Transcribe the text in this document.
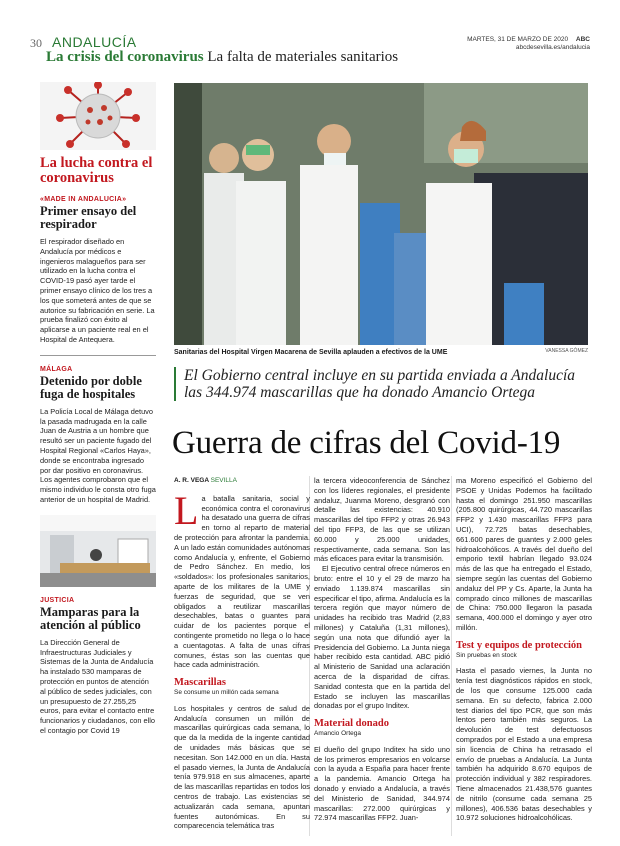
30 ANDALUCÍA	MARTES, 31 DE MARZO DE 2020 ABC
abcdesevilla.es/andalucia
La crisis del coronavirus La falta de materiales sanitarios
La lucha contra el coronavirus
«MADE IN ANDALUCIA»
Primer ensayo del respirador
El respirador diseñado en Andalucía por médicos e ingenieros malagueños para ser utilizado en la lucha contra el COVID-19 pasó ayer tarde el primer ensayo clínico de los tres a los que someterá antes de que se autorice su fabricación en serie. La prueba finalizó con éxito al aplicarse a un paciente real en el Hospital de Antequera.
MÁLAGA
Detenido por doble fuga de hospitales
La Policía Local de Málaga detuvo la pasada madrugada en la calle Juan de Austria a un hombre que resultó ser un paciente fugado del Hospital Regional «Carlos Haya», donde se encontraba ingresado por dar positivo en coronavirus. Los agentes comprobaron que el mismo individuo le consta otro fuga anterior de un hospital de Madrid.
JUSTICIA
Mamparas para la atención al público
La Dirección General de Infraestructuras Judiciales y Sistemas de la Junta de Andalucía ha instalado 530 mamparas de protección en puntos de atención al público de sedes judiciales, con un presupuesto de 27.255,25 euros, para evitar el contacto entre funcionarios y ciudadanos, con ello el contagio por Covid 19
Sanitarias del Hospital Virgen Macarena de Sevilla aplauden a efectivos de la UME	VANESSA GÓMEZ
El Gobierno central incluye en su partida enviada a Andalucía las 344.974 mascarillas que ha donado Amancio Ortega
Guerra de cifras del Covid-19
A. R. VEGA SEVILLA

La batalla sanitaria, social y económica contra el coronavirus ha desatado una guerra de cifras en torno al reparto de material de protección para afrontar la pandemia. A un lado están comunidades autónomas como Andalucía y, enfrente, el Gobierno de Pedro Sánchez. En medio, los «soldados»: los profesionales sanitarios, aparte de los militares de la UME y fuerzas de seguridad, que se ven obligados a reutilizar mascarillas desechables, batas o guantes para cuidar de los pacientes porque el contingente prometido no llega o lo hace a cuentagotas. A falta de unas cifras comunes, éstas son las cuentas que hace cada administración.

Mascarillas
Se consume un millón cada semana

Los hospitales y centros de salud de Andalucía consumen un millón de mascarillas quirúrgicas cada semana, lo que da la medida de la ingente cantidad de unidades más básicas que se necesitan. Son 142.000 en un día. Hasta el pasado viernes, la Junta de Andalucía tenía 979.918 en sus almacenes, aparte de las mascarillas repartidas en todos los centros de trabajo. Las existencias se actualizarán cada semana, apuntan fuentes autonómicas. En su comparecencia telemática tras

la tercera videoconferencia de Sánchez con los líderes regionales, el presidente andaluz, Juanma Moreno, desgranó con detalle las existencias: 40.910 mascarillas del tipo FFP2 y otras 26.943 del tipo FFP3, de las que se utilizan 60.000 y 25.000 unidades, respectivamente, cada semana. Son las más eficaces para evitar la transmisión.

El Ejecutivo central ofrece números en bruto: entre el 10 y el 29 de marzo ha enviado 1.139.874 mascarillas sin especificar el tipo, afirma. Andalucía es la tercera región que mayor número de unidades ha recibido tras Madrid (2,83 millones) y Cataluña (1,31 millones), según una nota que difundió ayer la Presidencia del Gobierno. La Junta niega haber recibido esta cantidad. ABC pidió al Ministerio de Sanidad una aclaración acerca de la disparidad de cifras. Sanidad contesta que en la partida del Estado se incluyen las mascarillas donadas por el grupo Inditex.

Material donado
Amancio Ortega

El dueño del grupo Inditex ha sido uno de los primeros empresarios en volcarse con la ayuda a España para hacer frente a la pandemia. Amancio Ortega ha donado y enviado a Andalucía, a través del Ministerio de Sanidad, 344.974 mascarillas: 272.000 quirúrgicas y 72.974 mascarillas FFP2. Juan-

ma Moreno especificó el Gobierno del PSOE y Unidas Podemos ha facilitado hasta el domingo 251.950 mascarillas (205.800 quirúrgicas, 44.720 mascarillas FFP2 y 1.430 mascarillas FFP3 para UCI), 72.725 batas desechables, 661.600 pares de guantes y 2.000 geles hidroalcohólicos. A través del dueño del emporio textil habrían llegado 93.024 más de las que ha entregado el Estado, siempre según las cuentas del Gobierno andaluz del PP y Cs. Aparte, la Junta ha comprado cinco millones de mascarillas de China: 750.000 llegaron la pasada semana, 400.000 el domingo y ayer otro millón.

Test y equipos de protección
Sin pruebas en stock

Hasta el pasado viernes, la Junta no tenía test diagnósticos rápidos en stock, de los que consume 125.000 cada semana. En su defecto, fabrica 2.000 test diarios del tipo PCR, que son más lentos pero también más seguros. La devolución de test defectuosos comprados por el Estado a una empresa sin licencia de China ha retrasado el envío de pruebas a Andalucía. La Junta también ha adquirido 8.670 equipos de protección individual y 382 respiradores. Tiene almacenados 21.438,576 guantes de nitrilo (consume cada semana 25 millones), 406.536 batas desechables y 10.972 soluciones hidroalcohólicas.
